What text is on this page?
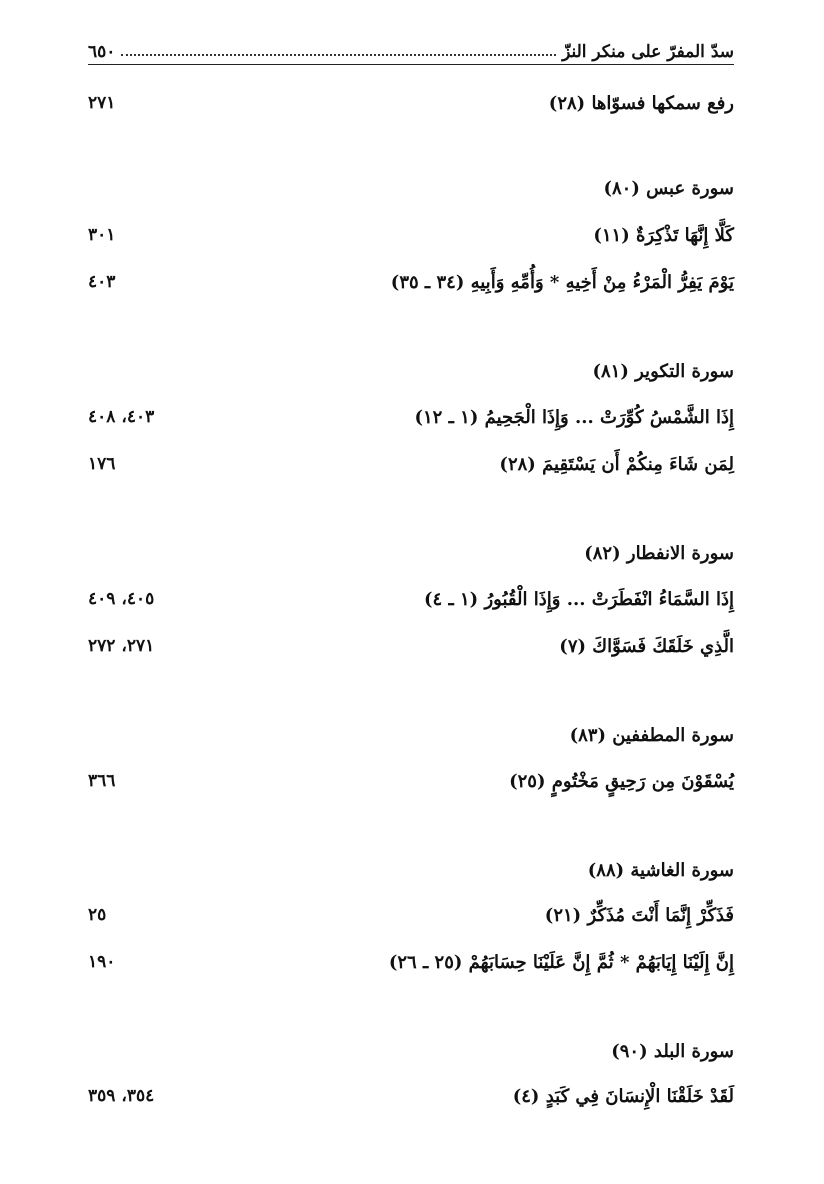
سدّ المفرّ على منكر النزّ
٦٥٠
رفع سمكها فسوّاها (٢٨)
٢٧١
سورة عبس (٨٠)
كَلَّا إِنَّهَا تَذْكِرَةٌ (١١)
٣٠١
يَوْمَ يَفِرُّ الْمَرْءُ مِنْ أَخِيهِ * وَأُمِّهِ وَأَبِيهِ (٣٤ ـ ٣٥)
٤٠٣
سورة التكوير (٨١)
إِذَا الشَّمْسُ كُوِّرَتْ ... وَإِذَا الْجَحِيمُ (١ ـ ١٢)
٤٠٣، ٤٠٨
لِمَن شَاءَ مِنكُمْ أَن يَسْتَقِيمَ (٢٨)
١٧٦
سورة الانفطار (٨٢)
إِذَا السَّمَاءُ انْفَطَرَتْ ... وَإِذَا الْقُبُورُ (١ ـ ٤)
٤٠٥، ٤٠٩
الَّذِي خَلَقَكَ فَسَوَّاكَ (٧)
٢٧١، ٢٧٢
سورة المطففين (٨٣)
يُسْقَوْنَ مِن رَحِيقٍ مَخْتُومٍ (٢٥)
٣٦٦
سورة الغاشية (٨٨)
فَذَكِّرْ إِنَّمَا أَنْتَ مُذَكِّرٌ (٢١)
٢٥
إِنَّ إِلَيْنَا إِيَابَهُمْ * ثُمَّ إِنَّ عَلَيْنَا حِسَابَهُمْ (٢٥ ـ ٢٦)
١٩٠
سورة البلد (٩٠)
لَقَدْ خَلَقْنَا الْإِنسَانَ فِي كَبَدٍ (٤)
٣٥٤، ٣٥٩
